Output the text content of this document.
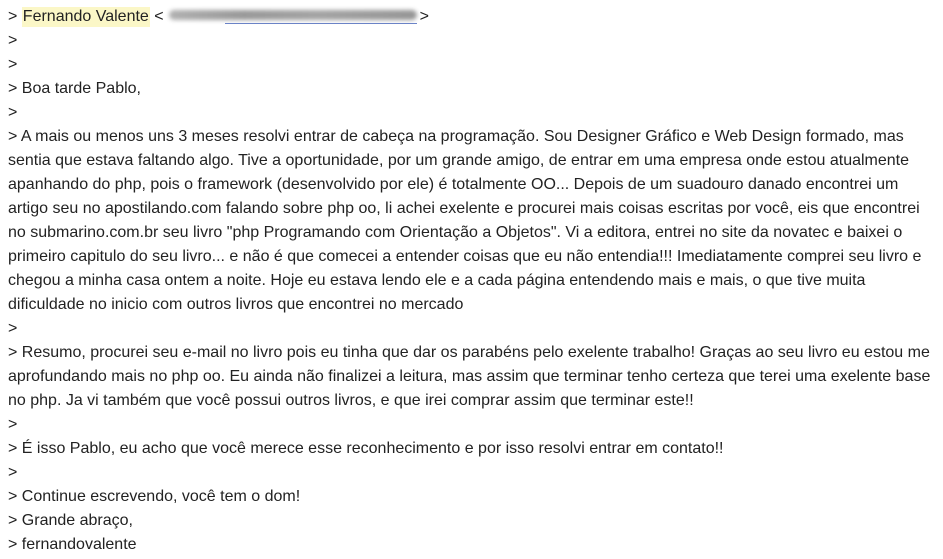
> Fernando Valente <	>

>

>

> Boa tarde Pablo,

>

> A mais ou menos uns 3 meses resolvi entrar de cabeça na programação. Sou Designer Gráfico e Web Design formado, mas sentia que estava faltando algo. Tive a oportunidade, por um grande amigo, de entrar em uma empresa onde estou atualmente apanhando do php, pois o framework (desenvolvido por ele) é totalmente OO... Depois de um suadouro danado encontrei um artigo seu no apostilando.com falando sobre php oo, li achei exelente e procurei mais coisas escritas por você, eis que encontrei no submarino.com.br seu livro "php Programando com Orientação a Objetos". Vi a editora, entrei no site da novatec e baixei o primeiro capitulo do seu livro... e não é que comecei a entender coisas que eu não entendia!!! Imediatamente comprei seu livro e chegou a minha casa ontem a noite. Hoje eu estava lendo ele e a cada página entendendo mais e mais, o que tive muita dificuldade no inicio com outros livros que encontrei no mercado

>

> Resumo, procurei seu e-mail no livro pois eu tinha que dar os parabéns pelo exelente trabalho! Graças ao seu livro eu estou me aprofundando mais no php oo. Eu ainda não finalizei a leitura, mas assim que terminar tenho certeza que terei uma exelente base no php. Ja vi também que você possui outros livros, e que irei comprar assim que terminar este!!

>

> É isso Pablo, eu acho que você merece esse reconhecimento e por isso resolvi entrar em contato!!

>

> Continue escrevendo, você tem o dom!

> Grande abraço,

> fernandovalente
